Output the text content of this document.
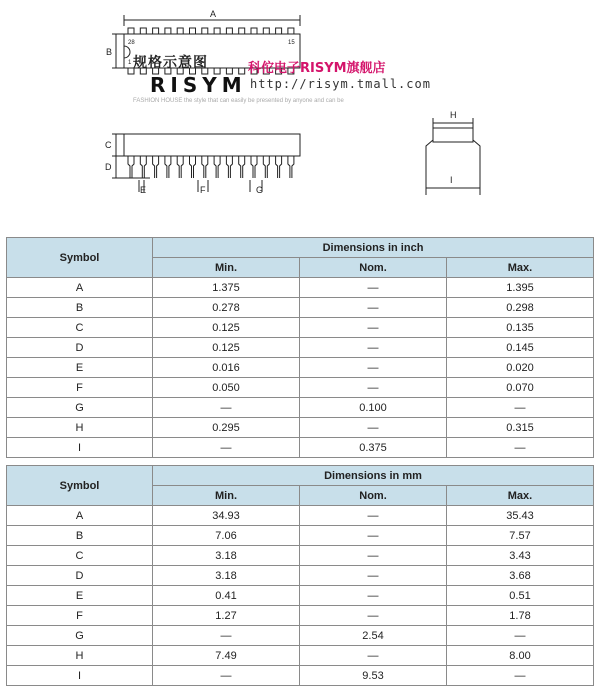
A
B
28	15
1
C
D
E	F	G
H
I
规格示意图	科佗电子RISYM旗舰店
RISYM http://risym.tmall.com
FASHION HOUSE the style that can easily be presented by anyone and can be
Symbol	Dimensions in inch		
	Min.	Nom.	Max.
A	1.375	—	1.395
B	0.278	—	0.298
C	0.125	—	0.135
D	0.125	—	0.145
E	0.016	—	0.020
F	0.050	—	0.070
G	—	0.100	—
H	0.295	—	0.315
I	—	0.375	—
Symbol	Dimensions in mm		
	Min.	Nom.	Max.
A	34.93	—	35.43
B	7.06	—	7.57
C	3.18	—	3.43
D	3.18	—	3.68
E	0.41	—	0.51
F	1.27	—	1.78
G	—	2.54	—
H	7.49	—	8.00
I	—	9.53	—
